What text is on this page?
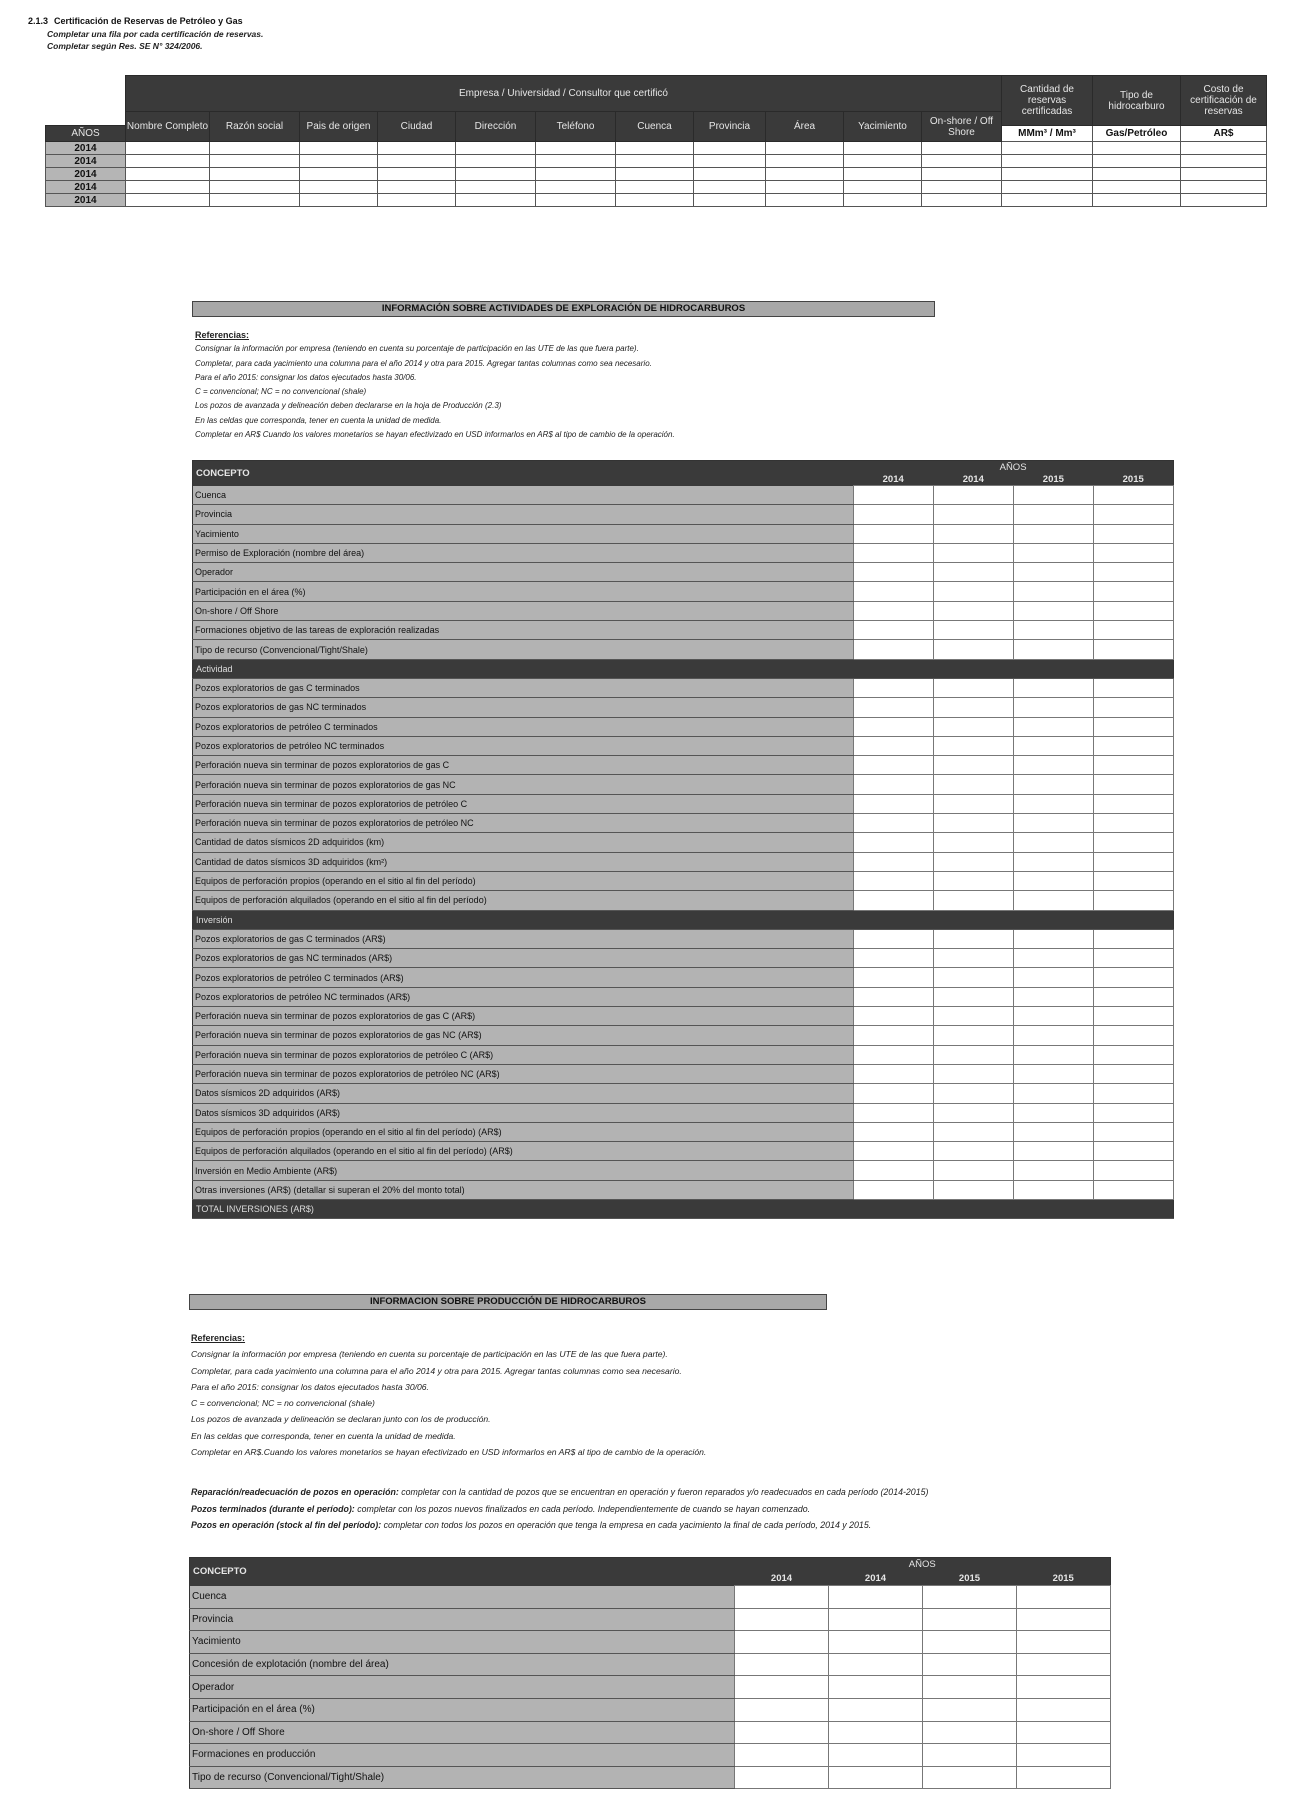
2.1.3 Certificación de Reservas de Petróleo y Gas
Completar una fila por cada certificación de reservas.
Completar según Res. SE N° 324/2006.
	Empresa / Universidad / Consultor que certificó											Cantidad de reservas certificadas	Tipo de hidrocarburo	Costo de certificación de reservas
	Nombre Completo	Razón social	Pais de origen	Ciudad	Dirección	Teléfono	Cuenca	Provincia	Área	Yacimiento	On-shore / Off Shore			
AÑOS												MMm³ / Mm³	Gas/Petróleo	AR$
2014														
2014														
2014														
2014														
2014														
INFORMACIÓN SOBRE ACTIVIDADES DE EXPLORACIÓN DE HIDROCARBUROS
Referencias:
Consignar la información por empresa (teniendo en cuenta su porcentaje de participación en las UTE de las que fuera parte).
Completar, para cada yacimiento una columna para el año 2014 y otra para 2015. Agregar tantas columnas como sea necesario.
Para el año 2015: consignar los datos ejecutados hasta 30/06.
C = convencional; NC = no convencional (shale)
Los pozos de avanzada y delineación deben declararse en la hoja de Producción (2.3)
En las celdas que corresponda, tener en cuenta la unidad de medida.
Completar en AR$ Cuando los valores monetarios se hayan efectivizado en USD informarlos en AR$ al tipo de cambio de la operación.
CONCEPTO	AÑOS			
	2014	2014	2015	2015
Cuenca				
Provincia				
Yacimiento				
Permiso de Exploración (nombre del área)				
Operador				
Participación en el área (%)				
On-shore / Off Shore				
Formaciones objetivo de las tareas de exploración realizadas				
Tipo de recurso (Convencional/Tight/Shale)				
Actividad				
Pozos exploratorios de gas C terminados				
Pozos exploratorios de gas NC terminados				
Pozos exploratorios de petróleo C terminados				
Pozos exploratorios de petróleo NC terminados				
Perforación nueva sin terminar de pozos exploratorios de gas C				
Perforación nueva sin terminar de pozos exploratorios de gas NC				
Perforación nueva sin terminar de pozos exploratorios de petróleo C				
Perforación nueva sin terminar de pozos exploratorios de petróleo NC				
Cantidad de datos sísmicos 2D adquiridos (km)				
Cantidad de datos sísmicos 3D adquiridos (km²)				
Equipos de perforación propios (operando en el sitio al fin del período)				
Equipos de perforación alquilados (operando en el sitio al fin del período)				
Inversión				
Pozos exploratorios de gas C terminados (AR$)				
Pozos exploratorios de gas NC terminados (AR$)				
Pozos exploratorios de petróleo C terminados (AR$)				
Pozos exploratorios de petróleo NC terminados (AR$)				
Perforación nueva sin terminar de pozos exploratorios de gas C (AR$)				
Perforación nueva sin terminar de pozos exploratorios de gas NC (AR$)				
Perforación nueva sin terminar de pozos exploratorios de petróleo C (AR$)				
Perforación nueva sin terminar de pozos exploratorios de petróleo NC (AR$)				
Datos sísmicos 2D adquiridos (AR$)				
Datos sísmicos 3D adquiridos (AR$)				
Equipos de perforación propios (operando en el sitio al fin del período) (AR$)				
Equipos de perforación alquilados (operando en el sitio al fin del período) (AR$)				
Inversión en Medio Ambiente (AR$)				
Otras inversiones (AR$) (detallar si superan el 20% del monto total)				
TOTAL INVERSIONES (AR$)				
INFORMACION SOBRE PRODUCCIÓN DE HIDROCARBUROS
Referencias:
Consignar la información por empresa (teniendo en cuenta su porcentaje de participación en las UTE de las que fuera parte).
Completar, para cada yacimiento una columna para el año 2014 y otra para 2015. Agregar tantas columnas como sea necesario.
Para el año 2015: consignar los datos ejecutados hasta 30/06.
C = convencional; NC = no convencional (shale)
Los pozos de avanzada y delineación se declaran junto con los de producción.
En las celdas que corresponda, tener en cuenta la unidad de medida.
Completar en AR$.Cuando los valores monetarios se hayan efectivizado en USD informarlos en AR$ al tipo de cambio de la operación.
Reparación/readecuación de pozos en operación: completar con la cantidad de pozos que se encuentran en operación y fueron reparados y/o readecuados en cada período (2014-2015)
Pozos terminados (durante el período): completar con los pozos nuevos finalizados en cada período. Independientemente de cuando se hayan comenzado.
Pozos en operación (stock al fin del período): completar con todos los pozos en operación que tenga la empresa en cada yacimiento la final de cada período, 2014 y 2015.
CONCEPTO	AÑOS			
	2014	2014	2015	2015
Cuenca				
Provincia				
Yacimiento				
Concesión de explotación (nombre del área)				
Operador				
Participación en el área (%)				
On-shore / Off Shore				
Formaciones en producción				
Tipo de recurso (Convencional/Tight/Shale)				
